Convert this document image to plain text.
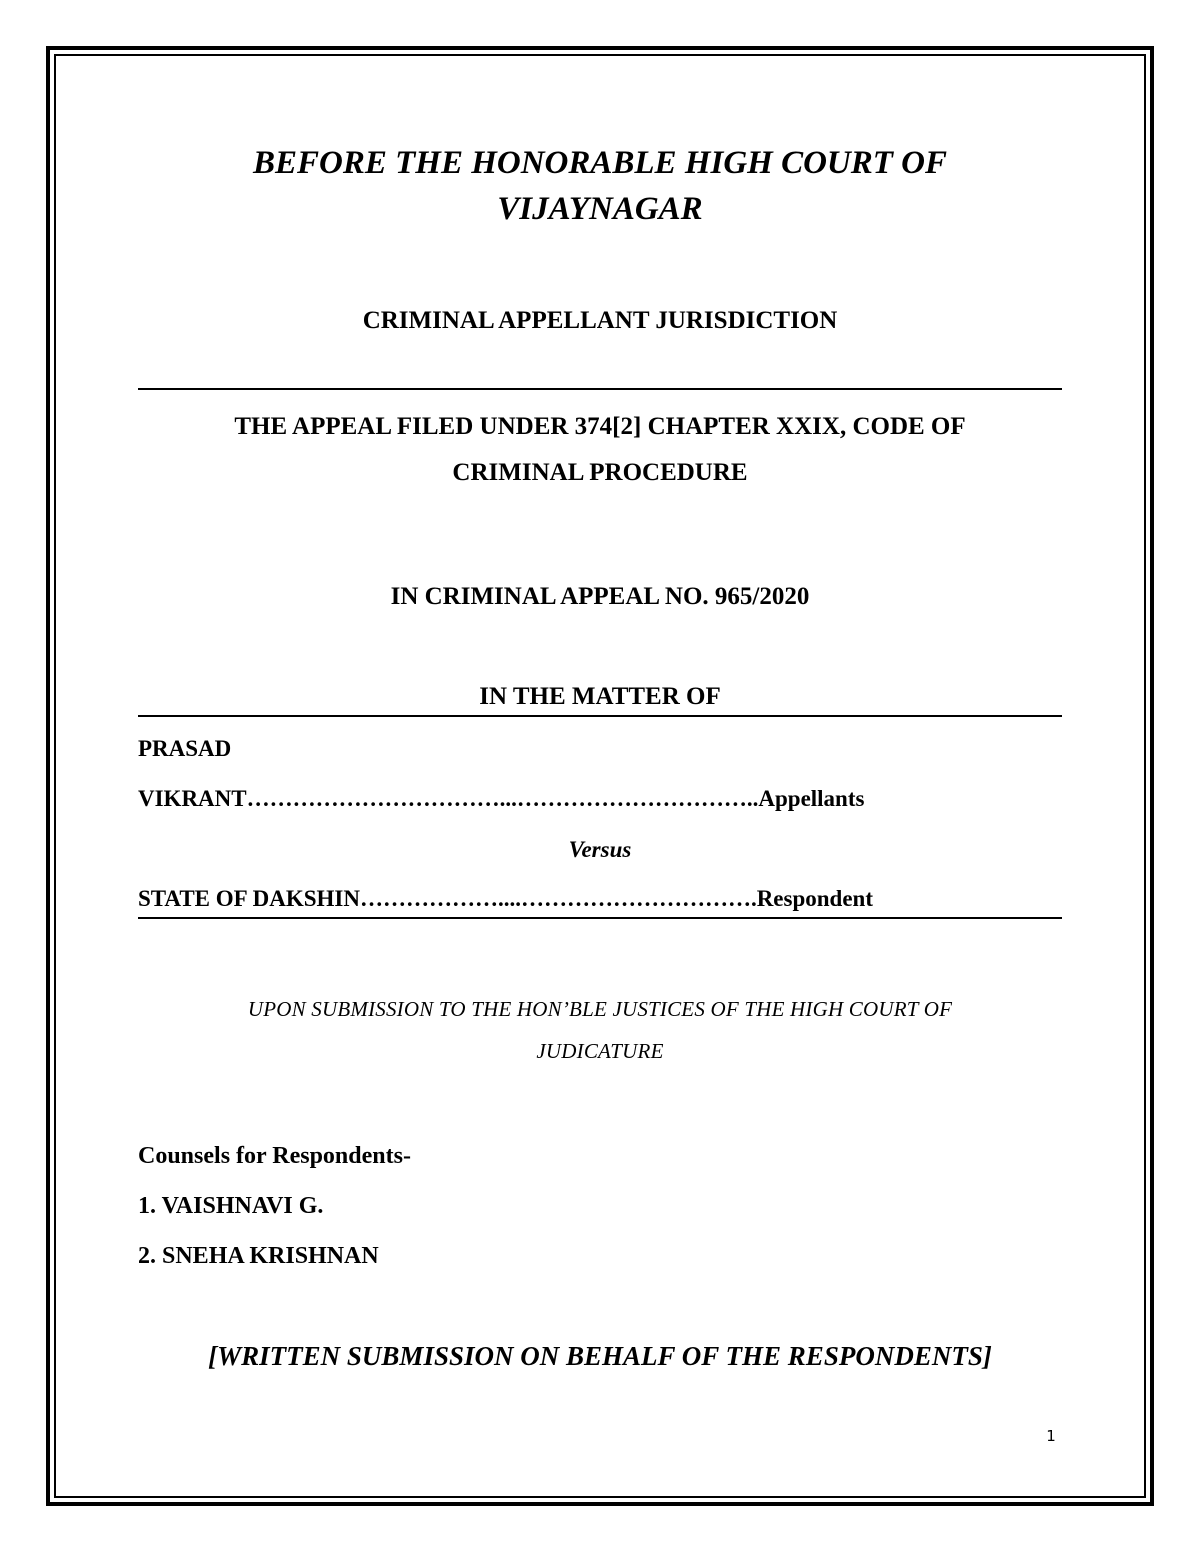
BEFORE THE HONORABLE HIGH COURT OF
VIJAYNAGAR
CRIMINAL APPELLANT JURISDICTION
THE APPEAL FILED UNDER 374[2] CHAPTER XXIX, CODE OF
CRIMINAL PROCEDURE
IN CRIMINAL APPEAL NO. 965/2020
IN THE MATTER OF
PRASAD
VIKRANT……………………………...…………………………..Appellants
Versus
STATE OF DAKSHIN………………....………………………….Respondent
UPON SUBMISSION TO THE HON’BLE JUSTICES OF THE HIGH COURT OF
JUDICATURE
Counsels for Respondents-
1. VAISHNAVI G.
2. SNEHA KRISHNAN
[WRITTEN SUBMISSION ON BEHALF OF THE RESPONDENTS]
1
